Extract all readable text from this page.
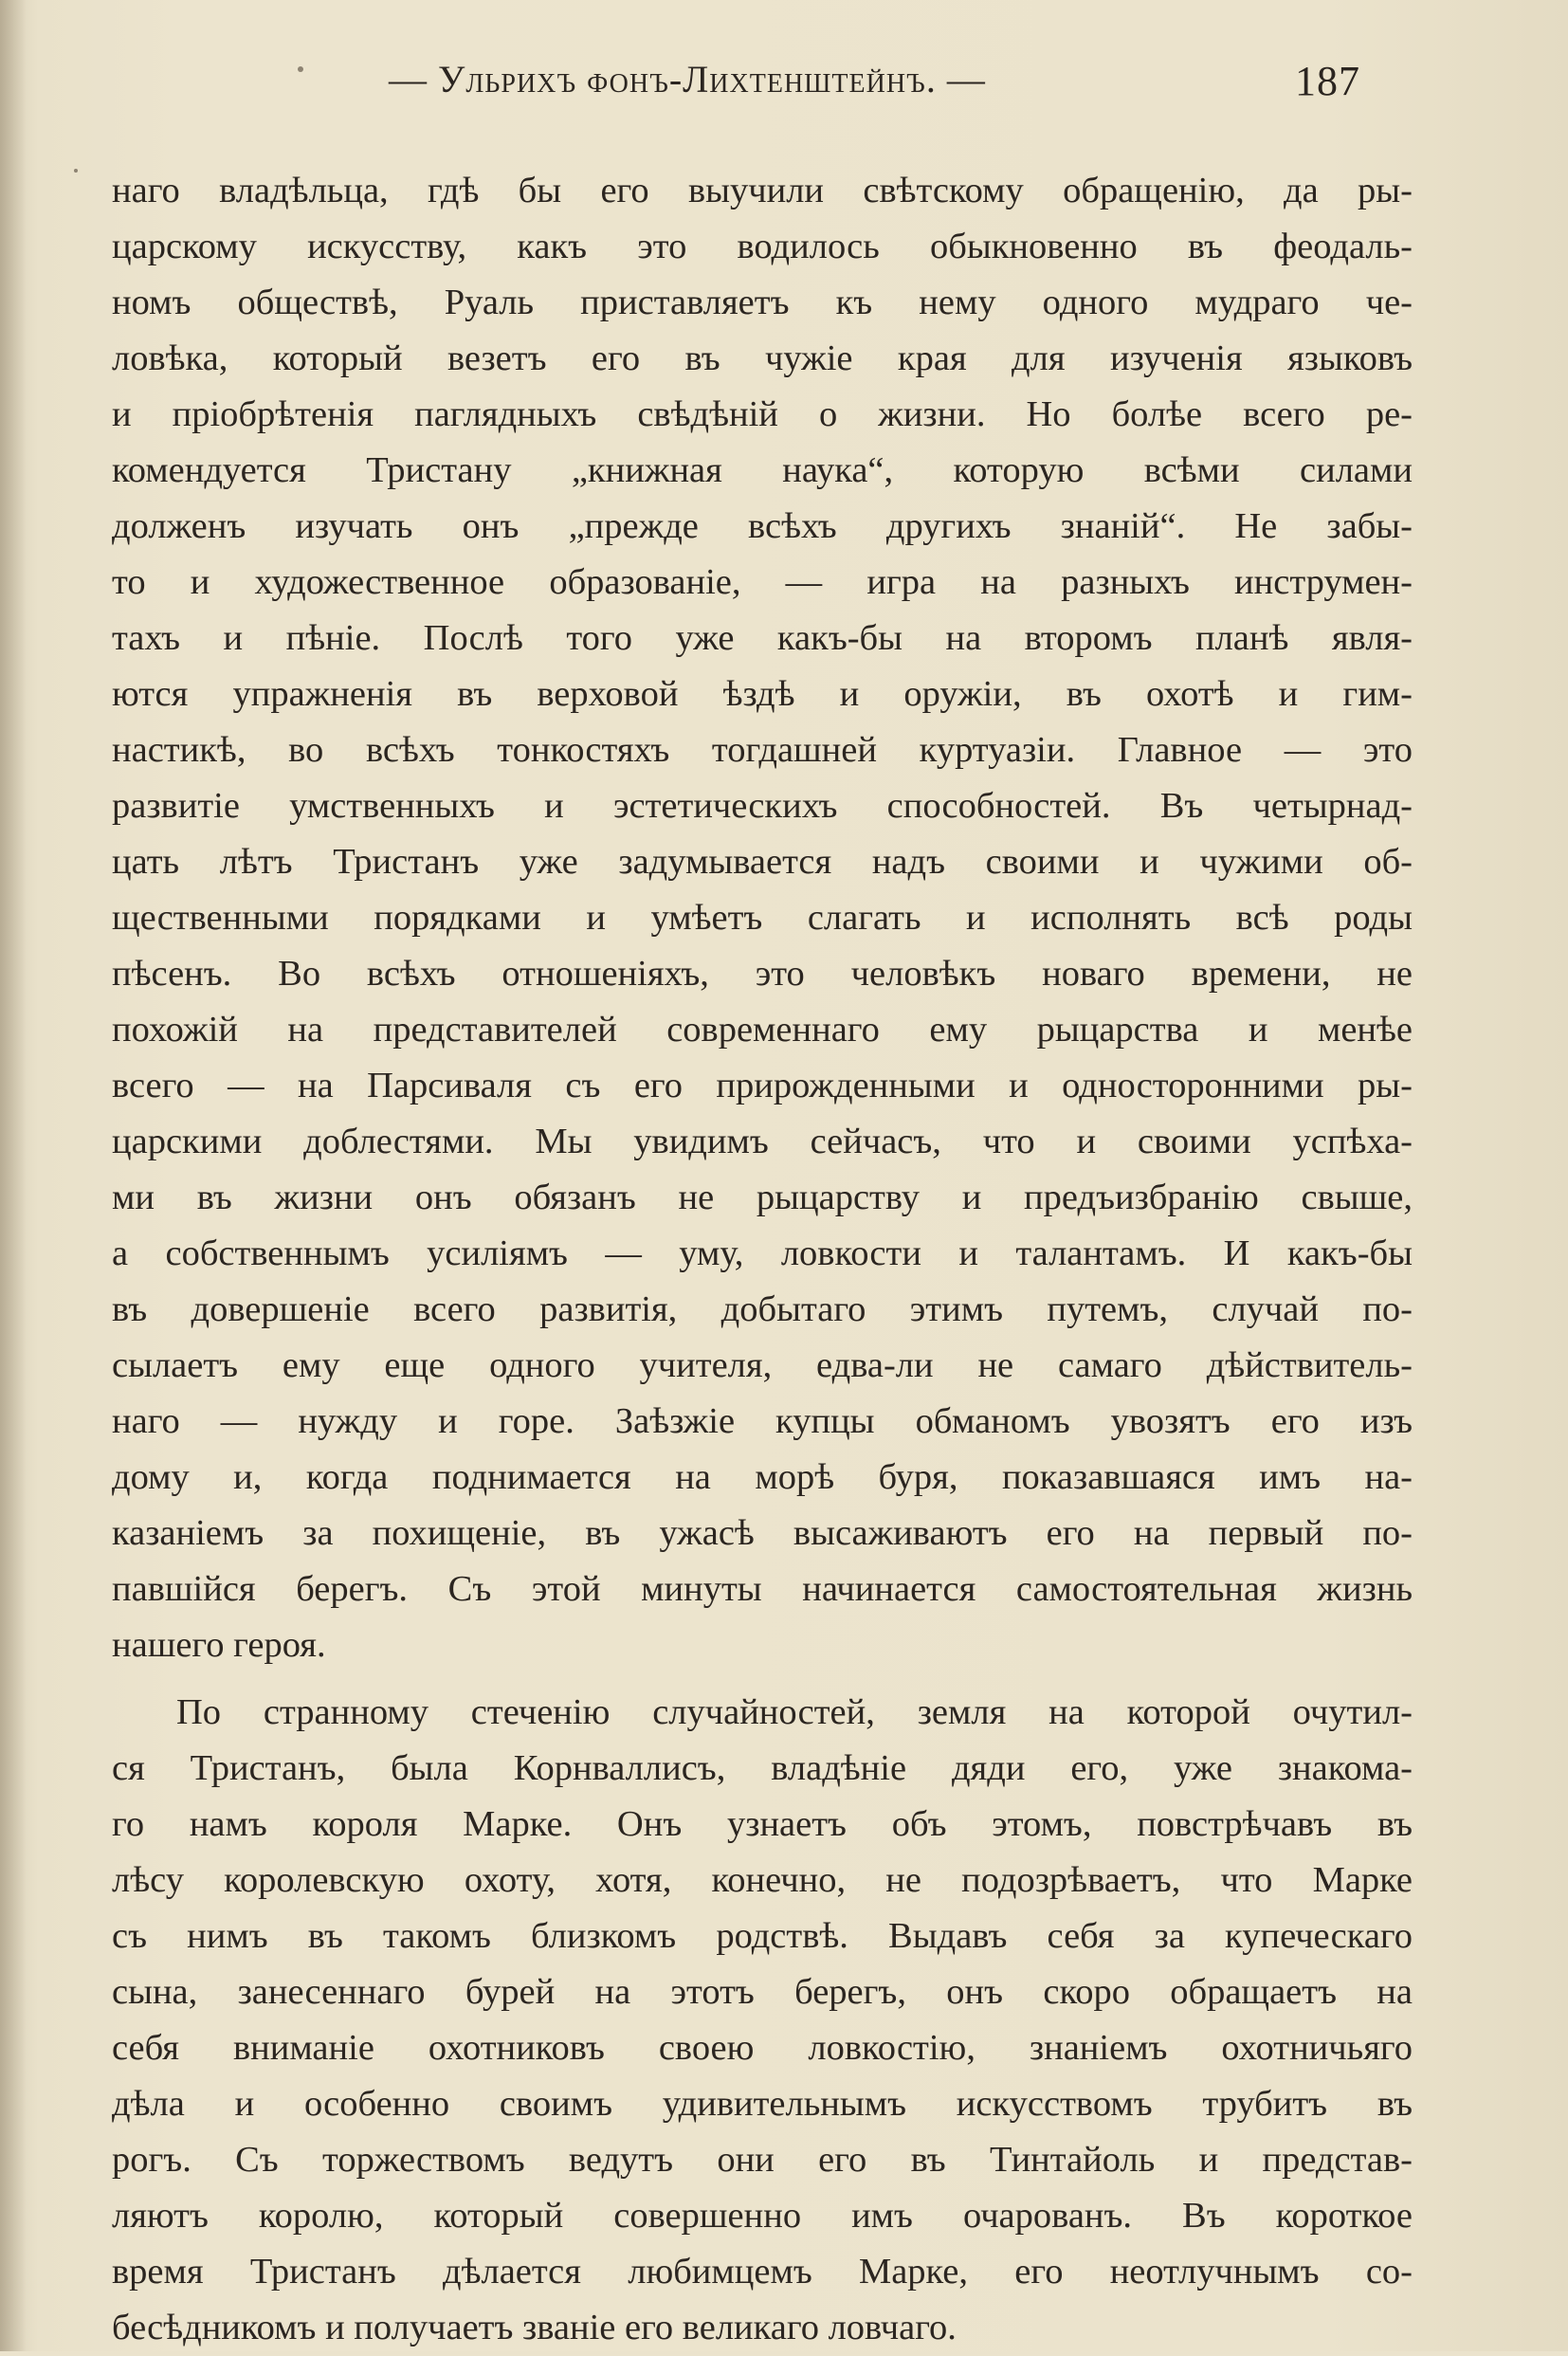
— Ульрихъ фонъ-Лихтенштейнъ. —	187
наго владѣльца, гдѣ бы его выучили свѣтскому обращенію, да ры-
царскому искусству, какъ это водилось обыкновенно въ феодаль-
номъ обществѣ, Руаль приставляетъ къ нему одного мудраго че-
ловѣка, который везетъ его въ чужіе края для изученія языковъ
и пріобрѣтенія паглядныхъ свѣдѣній о жизни. Но болѣе всего ре-
комендуется Тристану „книжная наука“, которую всѣми силами
долженъ изучать онъ „прежде всѣхъ другихъ знаній“. Не забы-
то и художественное образованіе, — игра на разныхъ инструмен-
тахъ и пѣніе. Послѣ того уже какъ-бы на второмъ планѣ явля-
ются упражненія въ верховой ѣздѣ и оружіи, въ охотѣ и гим-
настикѣ, во всѣхъ тонкостяхъ тогдашней куртуазіи. Главное — это
развитіе умственныхъ и эстетическихъ способностей. Въ четырнад-
цать лѣтъ Тристанъ уже задумывается надъ своими и чужими об-
щественными порядками и умѣетъ слагать и исполнять всѣ роды
пѣсенъ. Во всѣхъ отношеніяхъ, это человѣкъ новаго времени, не
похожій на представителей современнаго ему рыцарства и менѣе
всего — на Парсиваля съ его прирожденными и односторонними ры-
царскими доблестями. Мы увидимъ сейчасъ, что и своими успѣха-
ми въ жизни онъ обязанъ не рыцарству и предъизбранію свыше,
а собственнымъ усиліямъ — уму, ловкости и талантамъ. И какъ-бы
въ довершеніе всего развитія, добытаго этимъ путемъ, случай по-
сылаетъ ему еще одного учителя, едва-ли не самаго дѣйствитель-
наго — нужду и горе. Заѣзжіе купцы обманомъ увозятъ его изъ
дому и, когда поднимается на морѣ буря, показавшаяся имъ на-
казаніемъ за похищеніе, въ ужасѣ высаживаютъ его на первый по-
павшійся берегъ. Съ этой минуты начинается самостоятельная жизнь
нашего героя.
По странному стеченію случайностей, земля на которой очутил-
ся Тристанъ, была Корнваллисъ, владѣніе дяди его, уже знакома-
го намъ короля Марке. Онъ узнаетъ объ этомъ, повстрѣчавъ въ
лѣсу королевскую охоту, хотя, конечно, не подозрѣваетъ, что Марке
съ нимъ въ такомъ близкомъ родствѣ. Выдавъ себя за купеческаго
сына, занесеннаго бурей на этотъ берегъ, онъ скоро обращаетъ на
себя вниманіе охотниковъ своею ловкостію, знаніемъ охотничьяго
дѣла и особенно своимъ удивительнымъ искусствомъ трубитъ въ
рогъ. Съ торжествомъ ведутъ они его въ Тинтайоль и представ-
ляютъ королю, который совершенно имъ очарованъ. Въ короткое
время Тристанъ дѣлается любимцемъ Марке, его неотлучнымъ со-
бесѣдникомъ и получаетъ званіе его великаго ловчаго.
